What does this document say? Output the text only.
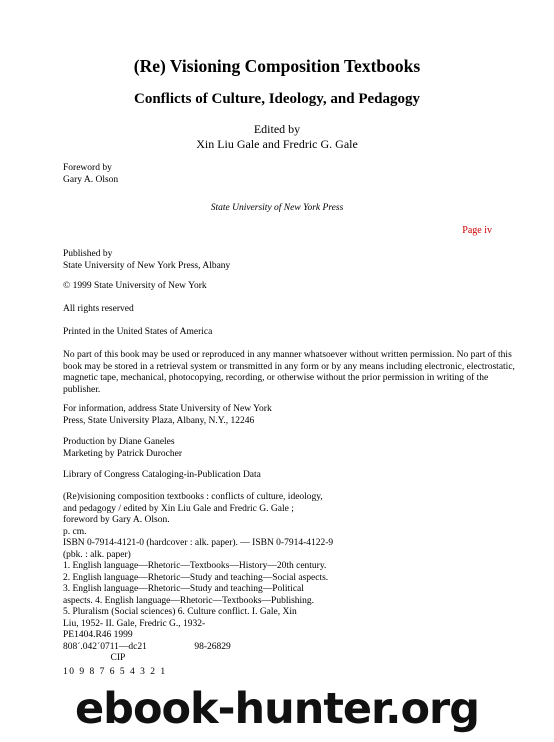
(Re) Visioning Composition Textbooks
Conflicts of Culture, Ideology, and Pedagogy
Edited by
Xin Liu Gale and Fredric G. Gale
Foreword by
Gary A. Olson
State University of New York Press
Page iv
Published by
State University of New York Press, Albany
© 1999 State University of New York
All rights reserved
Printed in the United States of America
No part of this book may be used or reproduced in any manner whatsoever without written permission. No part of this
book may be stored in a retrieval system or transmitted in any form or by any means including electronic, electrostatic,
magnetic tape, mechanical, photocopying, recording, or otherwise without the prior permission in writing of the
publisher.
For information, address State University of New York
Press, State University Plaza, Albany, N.Y., 12246
Production by Diane Ganeles
Marketing by Patrick Durocher
Library of Congress Cataloging-in-Publication Data
(Re)visioning composition textbooks : conflicts of culture, ideology,
and pedagogy / edited by Xin Liu Gale and Fredric G. Gale ;
foreword by Gary A. Olson.
p. cm.
ISBN 0-7914-4121-0 (hardcover : alk. paper). — ISBN 0-7914-4122-9
(pbk. : alk. paper)
1. English language—Rhetoric—Textbooks—History—20th century.
2. English language—Rhetoric—Study and teaching—Social aspects.
3. English language—Rhetoric—Study and teaching—Political
aspects. 4. English language—Rhetoric—Textbooks—Publishing.
5. Pluralism (Social sciences) 6. Culture conflict. I. Gale, Xin
Liu, 1952- II. Gale, Fredric G., 1932-
PE1404.R46 1999
808´.042´0711—dc21                    98-26829
CIP
10 9 8 7 6 5 4 3 2 1
ebook-hunter.org
